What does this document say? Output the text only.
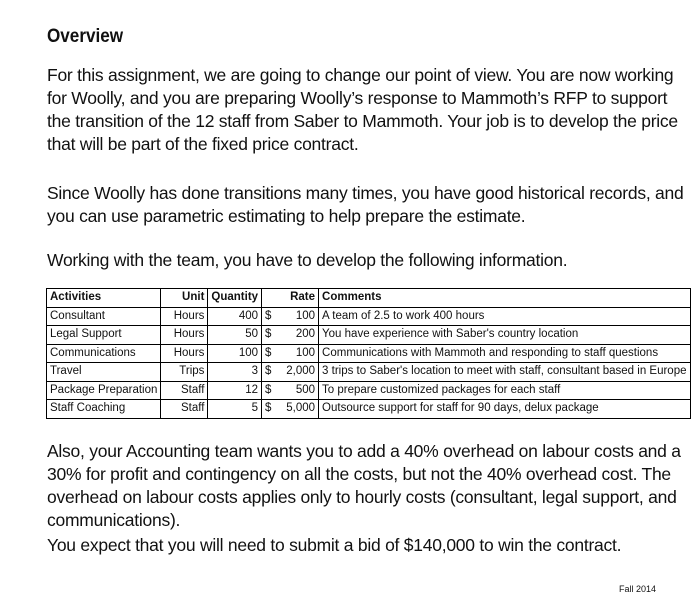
Overview

For this assignment, we are going to change our point of view. You are now working for Woolly, and you are preparing Woolly’s response to Mammoth’s RFP to support the transition of the 12 staff from Saber to Mammoth. Your job is to develop the price that will be part of the fixed price contract.

Since Woolly has done transitions many times, you have good historical records, and you can use parametric estimating to help prepare the estimate.

Working with the team, you have to develop the following information.

Activities	Unit	Quantity	Rate	Comments
Consultant	Hours	400	$ 100	A team of 2.5 to work 400 hours
Legal Support	Hours	50	$ 200	You have experience with Saber's country location
Communications	Hours	100	$ 100	Communications with Mammoth and responding to staff questions
Travel	Trips	3	$ 2,000	3 trips to Saber's location to meet with staff, consultant based in Europe
Package Preparation	Staff	12	$ 500	To prepare customized packages for each staff
Staff Coaching	Staff	5	$ 5,000	Outsource support for staff for 90 days, delux package

Also, your Accounting team wants you to add a 40% overhead on labour costs and a 30% for profit and contingency on all the costs, but not the 40% overhead cost. The overhead on labour costs applies only to hourly costs (consultant, legal support, and communications).

You expect that you will need to submit a bid of $140,000 to win the contract.

Fall 2014
